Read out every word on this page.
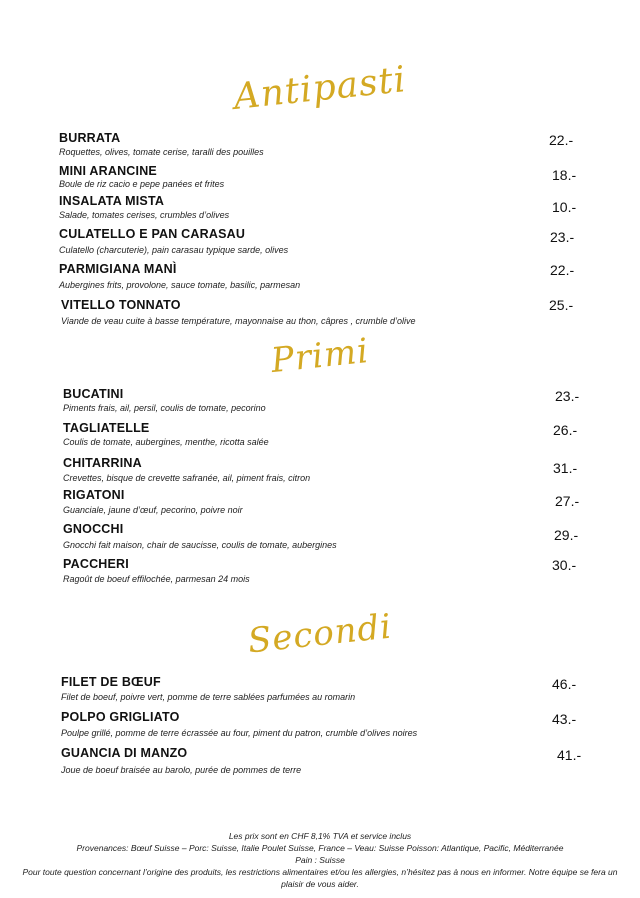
Antipasti
BURRATA
Roquettes, olives, tomate cerise, taralli des pouilles
22.-
MINI ARANCINE
Boule de riz cacio e pepe panées et frites
18.-
INSALATA MISTA
Salade, tomates cerises, crumbles d’olives	10.-
CULATELLO E PAN CARASAU
Culatello (charcuterie), pain carasau typique sarde, olives
23.-
PARMIGIANA MANÌ
Aubergines frits, provolone, sauce tomate, basilic, parmesan
22.-
VITELLO TONNATO
Viande de veau cuite à basse température, mayonnaise au thon, câpres , crumble d’olive
25.-
Primi
BUCATINI
Piments frais, ail, persil, coulis de tomate, pecorino
23.-
TAGLIATELLE
Coulis de tomate, aubergines, menthe, ricotta salée
26.-
CHITARRINA
Crevettes, bisque de crevette safranée, ail, piment frais, citron
31.-
RIGATONI
Guanciale, jaune d’œuf, pecorino, poivre noir
27.-
GNOCCHI
Gnocchi fait maison, chair de saucisse, coulis de tomate, aubergines
29.-
PACCHERI
Ragoût de boeuf effilochée, parmesan 24 mois
30.-
Secondi
FILET DE BŒUF
Filet de boeuf, poivre vert, pomme de terre sablées parfumées au romarin
46.-
POLPO GRIGLIATO
Poulpe grillé, pomme de terre écrassée au four, piment du patron, crumble d’olives noires
43.-
GUANCIA DI MANZO
Joue de boeuf braisée au barolo, purée de pommes de terre
41.-
Les prix sont en CHF 8,1% TVA et service inclus
Provenances: Bœuf Suisse – Porc: Suisse, Italie Poulet Suisse, France – Veau: Suisse Poisson: Atlantique, Pacific, Méditerranée
Pain : Suisse
Pour toute question concernant l’origine des produits, les restrictions alimentaires et/ou les allergies, n’hésitez pas à nous en informer. Notre équipe se fera un
plaisir de vous aider.
